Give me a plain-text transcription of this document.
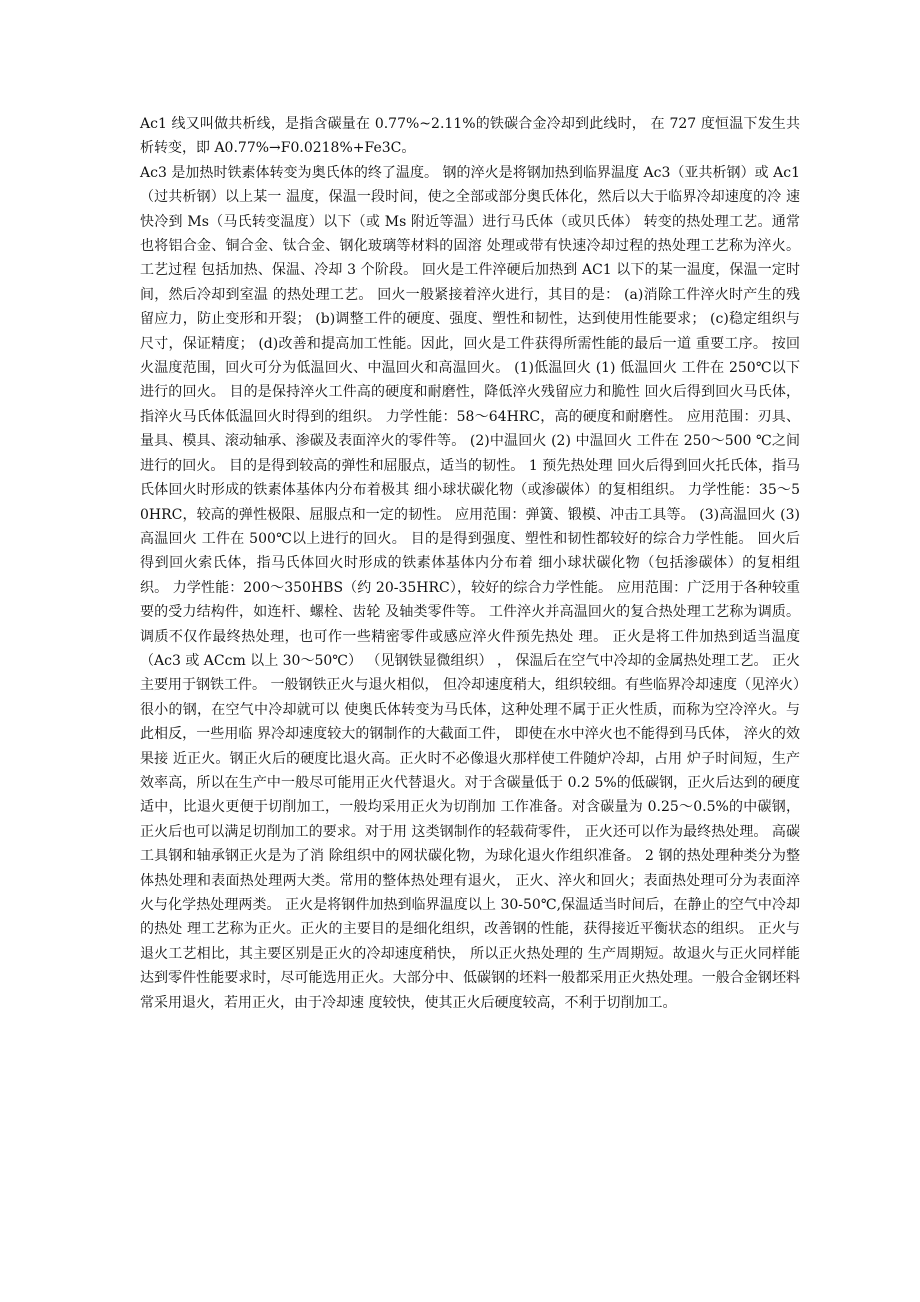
Ac1 线又叫做共析线，是指含碳量在 0.77%~2.11%的铁碳合金冷却到此线时， 在 727 度恒温下发生共析转变，即 A0.77%→F0.0218%+Fe3C。

Ac3 是加热时铁素体转变为奥氏体的终了温度。 钢的淬火是将钢加热到临界温度 Ac3（亚共析钢）或 Ac1（过共析钢）以上某一 温度，保温一段时间，使之全部或部分奥氏体化，然后以大于临界冷却速度的冷 速快冷到 Ms（马氏转变温度）以下（或 Ms 附近等温）进行马氏体（或贝氏体） 转变的热处理工艺。通常也将铝合金、铜合金、钛合金、钢化玻璃等材料的固溶 处理或带有快速冷却过程的热处理工艺称为淬火。 工艺过程 包括加热、保温、冷却 3 个阶段。 回火是工件淬硬后加热到 AC1 以下的某一温度，保温一定时间，然后冷却到室温 的热处理工艺。 回火一般紧接着淬火进行，其目的是： (a)消除工件淬火时产生的残留应力，防止变形和开裂； (b)调整工件的硬度、强度、塑性和韧性，达到使用性能要求； (c)稳定组织与尺寸，保证精度； (d)改善和提高加工性能。因此，回火是工件获得所需性能的最后一道 重要工序。 按回火温度范围，回火可分为低温回火、中温回火和高温回火。 (1)低温回火 (1) 低温回火 工件在 250℃以下进行的回火。 目的是保持淬火工件高的硬度和耐磨性，降低淬火残留应力和脆性 回火后得到回火马氏体，指淬火马氏体低温回火时得到的组织。 力学性能：58～64HRC，高的硬度和耐磨性。 应用范围：刃具、量具、模具、滚动轴承、渗碳及表面淬火的零件等。 (2)中温回火 (2) 中温回火 工件在 250～500 ℃之间进行的回火。 目的是得到较高的弹性和屈服点，适当的韧性。 1 预先热处理 回火后得到回火托氏体，指马氏体回火时形成的铁素体基体内分布着极其 细小球状碳化物（或渗碳体）的复相组织。 力学性能：35～50HRC，较高的弹性极限、屈服点和一定的韧性。 应用范围：弹簧、锻模、冲击工具等。 (3)高温回火 (3) 高温回火 工件在 500℃以上进行的回火。 目的是得到强度、塑性和韧性都较好的综合力学性能。 回火后得到回火索氏体，指马氏体回火时形成的铁素体基体内分布着 细小球状碳化物（包括渗碳体）的复相组织。 力学性能：200～350HBS（约 20-35HRC），较好的综合力学性能。 应用范围：广泛用于各种较重要的受力结构件，如连杆、螺栓、齿轮 及轴类零件等。 工件淬火并高温回火的复合热处理工艺称为调质。 调质不仅作最终热处理，也可作一些精密零件或感应淬火件预先热处 理。 正火是将工件加热到适当温度 （Ac3 或 ACcm 以上 30～50℃） （见钢铁显微组织） ， 保温后在空气中冷却的金属热处理工艺。 正火主要用于钢铁工件。 一般钢铁正火与退火相似， 但冷却速度稍大，组织较细。有些临界冷却速度（见淬火）很小的钢，在空气中冷却就可以 使奥氏体转变为马氏体，这种处理不属于正火性质，而称为空冷淬火。与此相反，一些用临 界冷却速度较大的钢制作的大截面工件， 即使在水中淬火也不能得到马氏体， 淬火的效果接 近正火。钢正火后的硬度比退火高。正火时不必像退火那样使工件随炉冷却，占用 炉子时间短，生产效率高，所以在生产中一般尽可能用正火代替退火。对于含碳量低于 0.2 5%的低碳钢，正火后达到的硬度适中，比退火更便于切削加工，一般均采用正火为切削加 工作准备。对含碳量为 0.25～0.5%的中碳钢，正火后也可以满足切削加工的要求。对于用 这类钢制作的轻载荷零件， 正火还可以作为最终热处理。 高碳工具钢和轴承钢正火是为了消 除组织中的网状碳化物，为球化退火作组织准备。 2 钢的热处理种类分为整体热处理和表面热处理两大类。常用的整体热处理有退火， 正火、淬火和回火；表面热处理可分为表面淬火与化学热处理两类。 正火是将钢件加热到临界温度以上 30-50℃,保温适当时间后，在静止的空气中冷却的热处 理工艺称为正火。正火的主要目的是细化组织，改善钢的性能，获得接近平衡状态的组织。 正火与退火工艺相比，其主要区别是正火的冷却速度稍快， 所以正火热处理的 生产周期短。故退火与正火同样能达到零件性能要求时，尽可能选用正火。大部分中、低碳钢的坯料一般都采用正火热处理。一般合金钢坯料常采用退火，若用正火，由于冷却速 度较快，使其正火后硬度较高，不利于切削加工。
